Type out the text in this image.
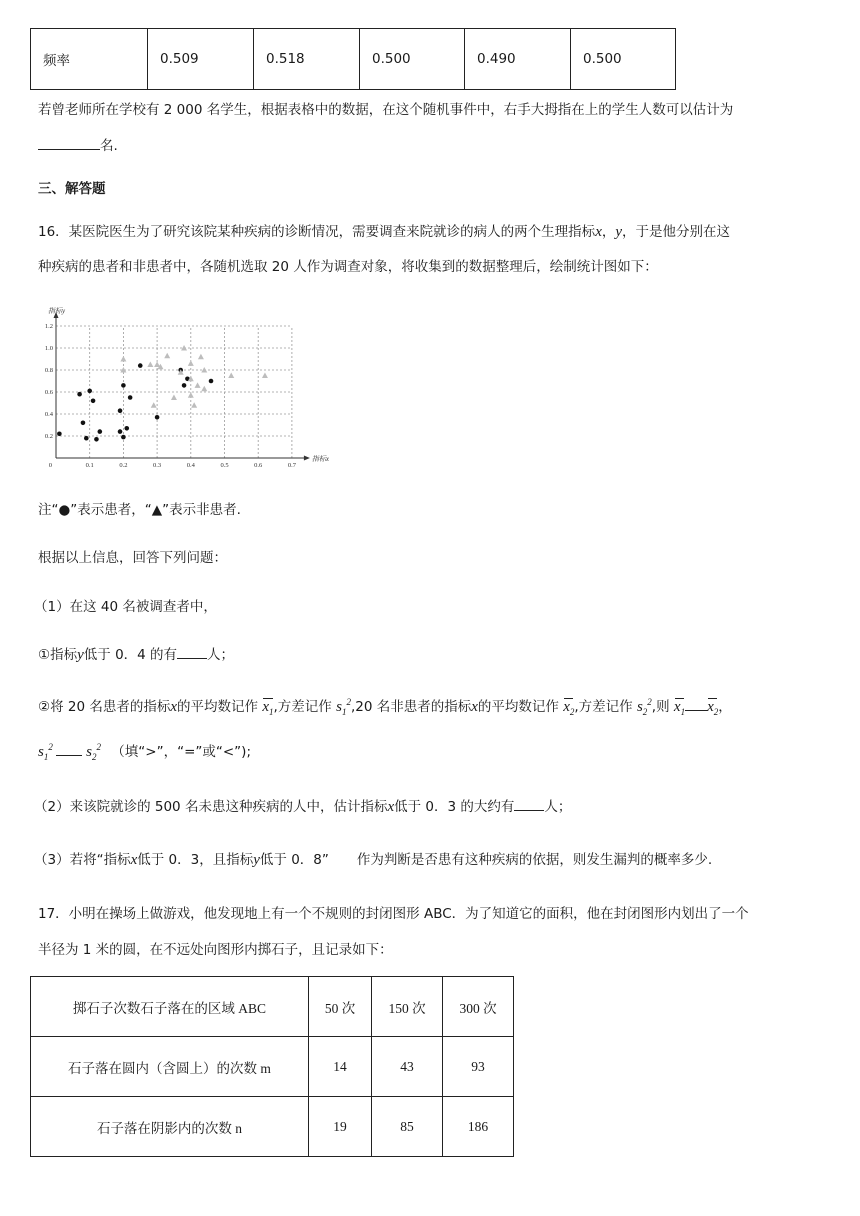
频率	0.509	0.518	0.500	0.490	0.500
若曾老师所在学校有 2 000 名学生，根据表格中的数据，在这个随机事件中，右手大拇指在上的学生人数可以估计为
名.
三、解答题
16．某医院医生为了研究该院某种疾病的诊断情况，需要调查来院就诊的病人的两个生理指标x，y，于是他分别在这
种疾病的患者和非患者中，各随机选取 20 人作为调查对象，将收集到的数据整理后，绘制统计图如下：
0.1	0.2	0.3	0.4	0.5	0.6	0.7
0.2
0.4
0.6
0.8
1.0
1.2
0
指标x
指标y
注“●”表示患者，“▲”表示非患者.
根据以上信息，回答下列问题：
（1）在这 40 名被调查者中，
①指标y低于 0．4 的有 人；
②将 20 名患者的指标x的平均数记作 $x_1$,方差记作 $s_1^2,20$ 名非患者的指标x的平均数记作 $x_2$,方差记作 $s_2^2$,则 $x_1$ $x_2$，
$s_1^2$ $s_2^2$ （填“>”，“=”或“<”);
（2）来该院就诊的 500 名未患这种疾病的人中，估计指标x低于 0．3 的大约有 人；
（3）若将“指标x低于 0．3，且指标y低于 0．8” 作为判断是否患有这种疾病的依据，则发生漏判的概率多少.
17．小明在操场上做游戏，他发现地上有一个不规则的封闭图形 ABC．为了知道它的面积，他在封闭图形内划出了一个
半径为 1 米的圆，在不远处向图形内掷石子，且记录如下：
掷石子次数石子落在的区域 ABC	50 次	150 次	300 次
石子落在圆内（含圆上）的次数 m	14	43	93
石子落在阴影内的次数 n	19	85	186
